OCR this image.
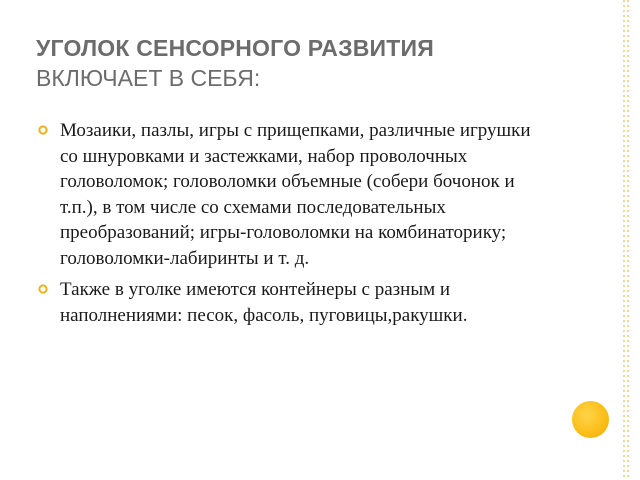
УГОЛОК СЕНСОРНОГО РАЗВИТИЯ
ВКЛЮЧАЕТ В СЕБЯ:
Мозаики, пазлы, игры с прищепками, различные игрушки со шнуровками и застежками, набор проволочных головоломок; головоломки объемные (собери бочонок и т.п.), в том числе со схемами последовательных преобразований; игры-головоломки на комбинаторику; головоломки-лабиринты и т. д.
Также в уголке имеются контейнеры с разным и наполнениями: песок, фасоль, пуговицы,ракушки.
